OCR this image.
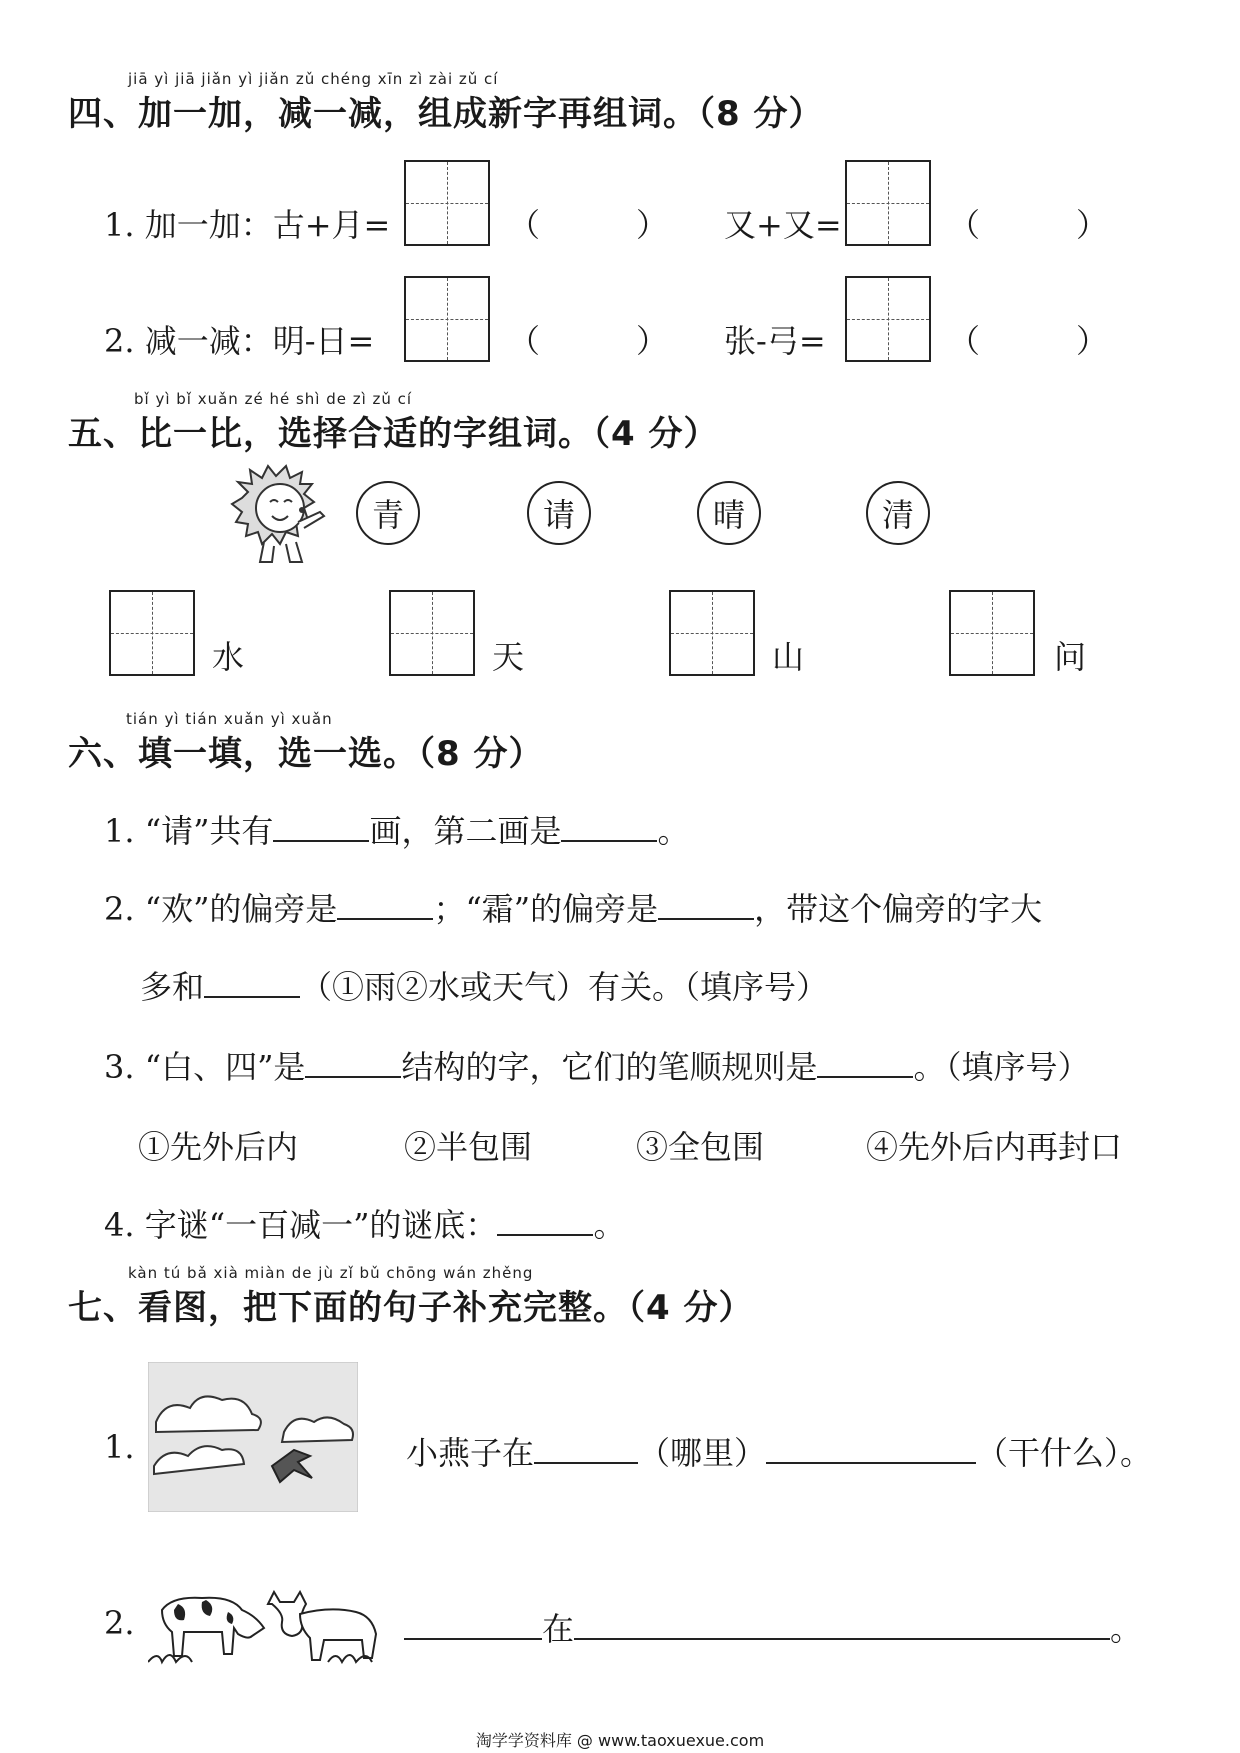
jiā yì jiā jiǎn yì jiǎn zǔ chéng xīn zì zài zǔ cí
四、加一加，减一减，组成新字再组词。（8 分）
1. 加一加：古+月=	（　　　） 又+又=	（　　　）
2. 减一减：明-日=	（　　　） 张-弓=	（　　　）
bǐ yì bǐ xuǎn zé hé shì de zì zǔ cí
五、比一比，选择合适的字组词。（4 分）
青	请	晴	清
水	天	山	问
tián yì tián xuǎn yì xuǎn
六、填一填，选一选。（8 分）
1. “请”共有	画，第二画是	。
2. “欢”的偏旁是	；“霜”的偏旁是	，带这个偏旁的字大
多和	（①雨②水或天气）有关。（填序号）
3. “白、四”是	结构的字，它们的笔顺规则是	。（填序号）
①先外后内	②半包围	③全包围	④先外后内再封口
4. 字谜“一百减一”的谜底：	。
kàn tú bǎ xià miàn de jù zǐ bǔ chōng wán zhěng
七、看图，把下面的句子补充完整。（4 分）
1.	小燕子在	（哪里）	（干什么）。
2.	在	。
淘学学资料库 @ www.taoxuexue.com
